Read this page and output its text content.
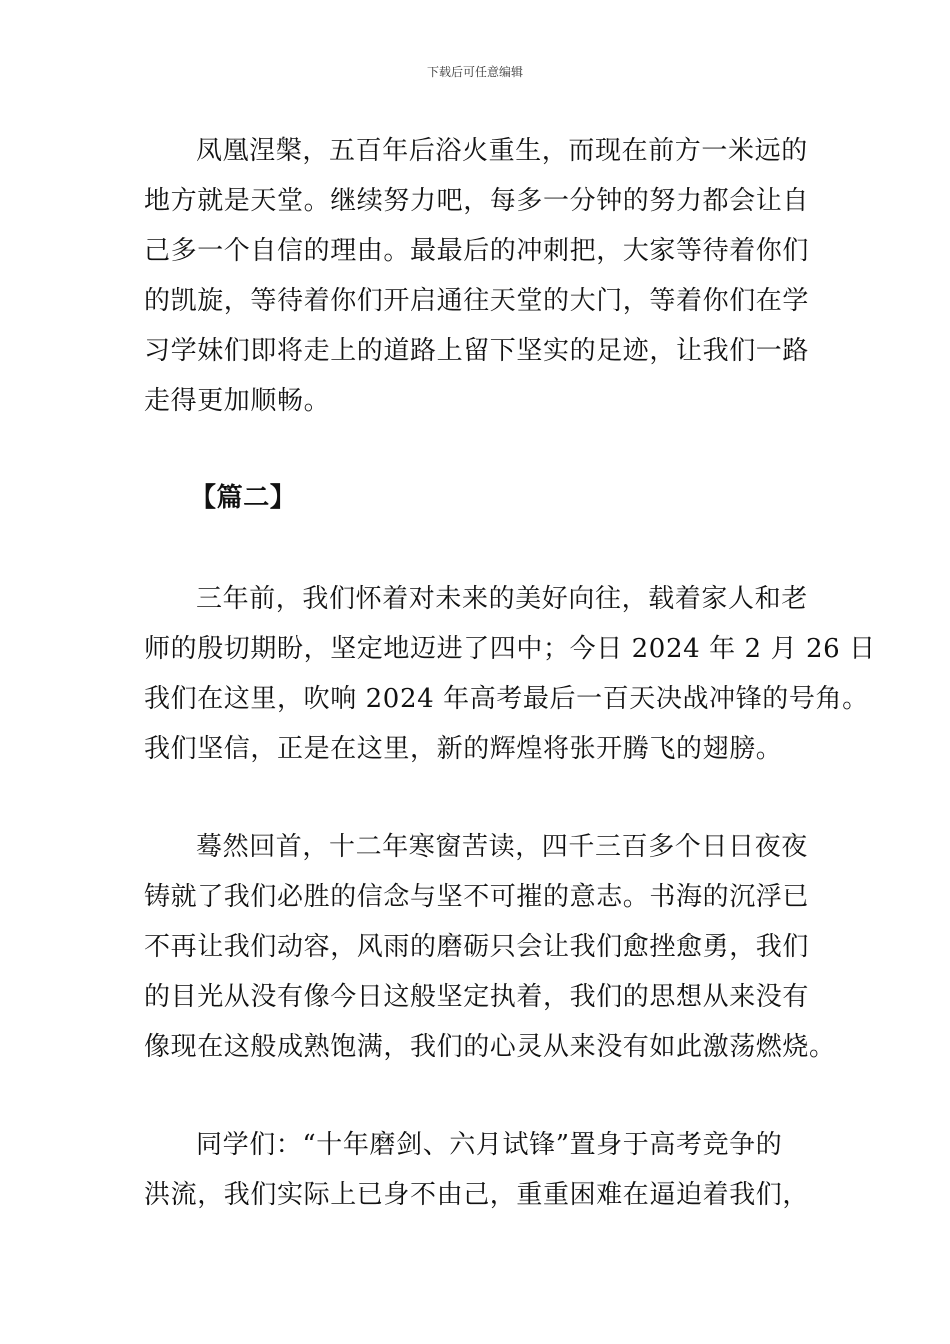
下载后可任意编辑
凤凰涅槃，五百年后浴火重生，而现在前方一米远的
地方就是天堂。继续努力吧，每多一分钟的努力都会让自
己多一个自信的理由。最最后的冲刺把，大家等待着你们
的凯旋，等待着你们开启通往天堂的大门，等着你们在学
习学妹们即将走上的道路上留下坚实的足迹，让我们一路
走得更加顺畅。
【篇二】
三年前，我们怀着对未来的美好向往，载着家人和老
师的殷切期盼，坚定地迈进了四中；今日 2024 年 2 月 26 日
我们在这里，吹响 2024 年高考最后一百天决战冲锋的号角。
我们坚信，正是在这里，新的辉煌将张开腾飞的翅膀。
蓦然回首，十二年寒窗苦读，四千三百多个日日夜夜
铸就了我们必胜的信念与坚不可摧的意志。书海的沉浮已
不再让我们动容，风雨的磨砺只会让我们愈挫愈勇，我们
的目光从没有像今日这般坚定执着，我们的思想从来没有
像现在这般成熟饱满，我们的心灵从来没有如此激荡燃烧。
同学们：“十年磨剑、六月试锋”置身于高考竞争的
洪流，我们实际上已身不由己，重重困难在逼迫着我们，
